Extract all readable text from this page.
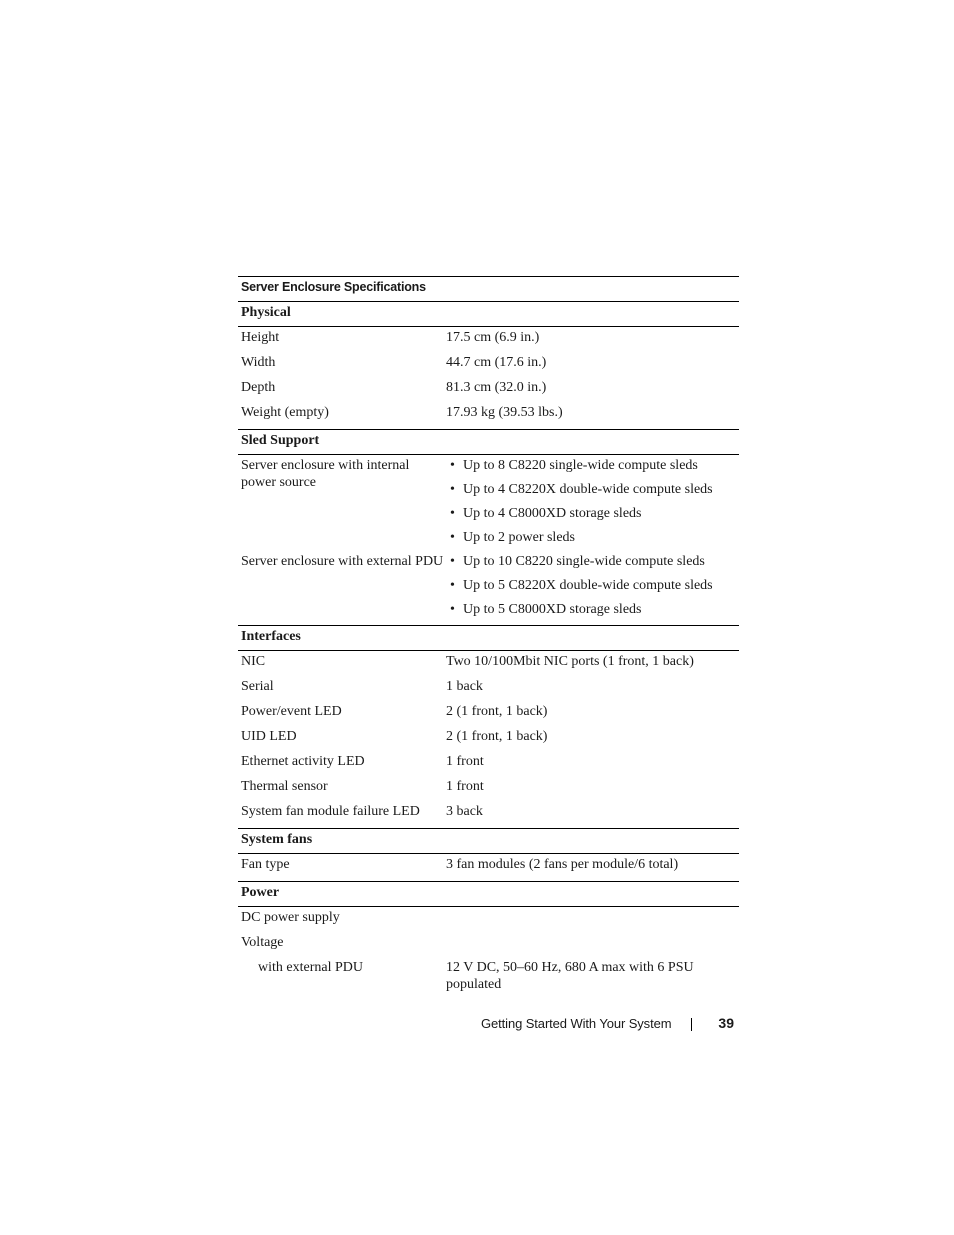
Server Enclosure Specifications
Physical
Height	17.5 cm (6.9 in.)
Width	44.7 cm (17.6 in.)
Depth	81.3 cm (32.0 in.)
Weight (empty)	17.93 kg (39.53 lbs.)
Sled Support
Server enclosure with internal power source
• Up to 8 C8220 single-wide compute sleds
• Up to 4 C8220X double-wide compute sleds
• Up to 4 C8000XD storage sleds
• Up to 2 power sleds
Server enclosure with external PDU
•	Up to 10 C8220 single-wide compute sleds
• Up to 5 C8220X double-wide compute sleds
• Up to 5 C8000XD storage sleds
Interfaces
NIC	Two 10/100Mbit NIC ports (1 front, 1 back)
Serial	1 back
Power/event LED	2 (1 front, 1 back)
UID LED	2 (1 front, 1 back)
Ethernet activity LED	1 front
Thermal sensor	1 front
System fan module failure LED	3 back
System fans
Fan type	3 fan modules (2 fans per module/6 total)
Power
DC power supply
Voltage
with external PDU	12 V DC, 50–60 Hz, 680 A max with 6 PSU populated
Getting Started With Your System	39
